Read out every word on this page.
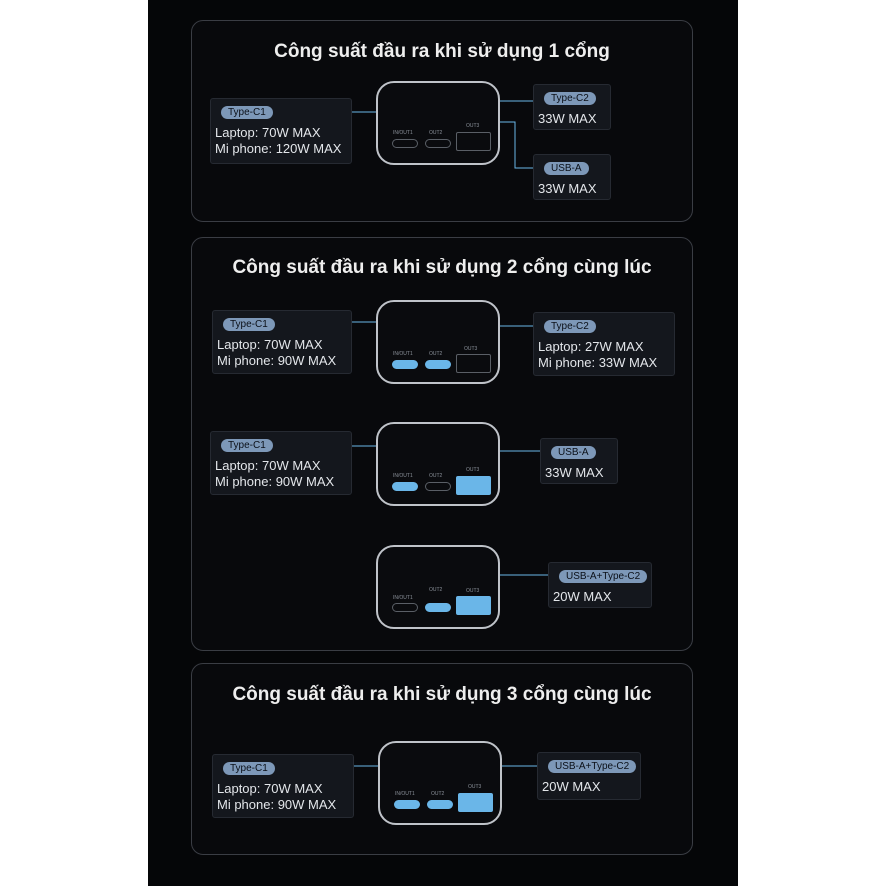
Công suất đầu ra khi sử dụng 1 cổng
Công suất đầu ra khi sử dụng 2 cổng cùng lúc
Công suất đầu ra khi sử dụng 3 cổng cùng lúc
IN/OUT1	OUT2
OUT3
IN/OUT1	OUT2
OUT3
IN/OUT1	OUT2
OUT3
IN/OUT1
OUT2	OUT3
IN/OUT1	OUT2
OUT3
Type-C1
Laptop: 70W MAX
Mi phone: 120W MAX
Type-C2
33W MAX
USB-A
33W MAX
Type-C1
Laptop: 70W MAX
Mi phone: 90W MAX
Type-C2
Laptop: 27W MAX
Mi phone: 33W MAX
Type-C1
Laptop: 70W MAX
Mi phone: 90W MAX
USB-A
33W MAX
USB-A+Type-C2
20W MAX
Type-C1
Laptop: 70W MAX
Mi phone: 90W MAX
USB-A+Type-C2
20W MAX
